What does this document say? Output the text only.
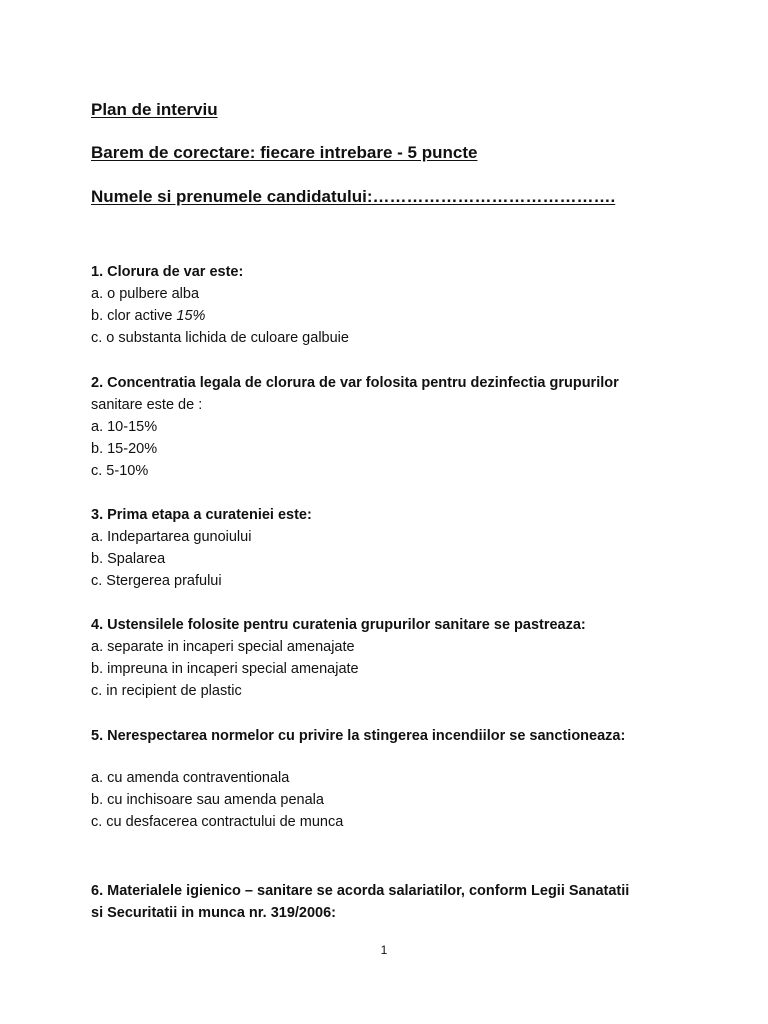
Plan de interviu

Barem de corectare: fiecare intrebare - 5 puncte

Numele si prenumele candidatului:…………………………………….

1. Clorura de var este:

a. o pulbere alba

b. clor active 15%

c. o substanta lichida de culoare galbuie

2. Concentratia legala de clorura de var folosita pentru dezinfectia grupurilor

sanitare este de :

a. 10-15%

b. 15-20%

c. 5-10%

3. Prima etapa a curateniei este:

a. Indepartarea gunoiului

b. Spalarea

c. Stergerea prafului

4. Ustensilele folosite pentru curatenia grupurilor sanitare se pastreaza:

a. separate in incaperi special amenajate

b. impreuna in incaperi special amenajate

c. in recipient de plastic

5. Nerespectarea normelor cu privire la stingerea incendiilor se sanctioneaza:

a. cu amenda contraventionala

b. cu inchisoare sau amenda penala

c. cu desfacerea contractului de munca

6. Materialele igienico – sanitare se acorda salariatilor, conform Legii Sanatatii

si Securitatii in munca nr. 319/2006:

1
